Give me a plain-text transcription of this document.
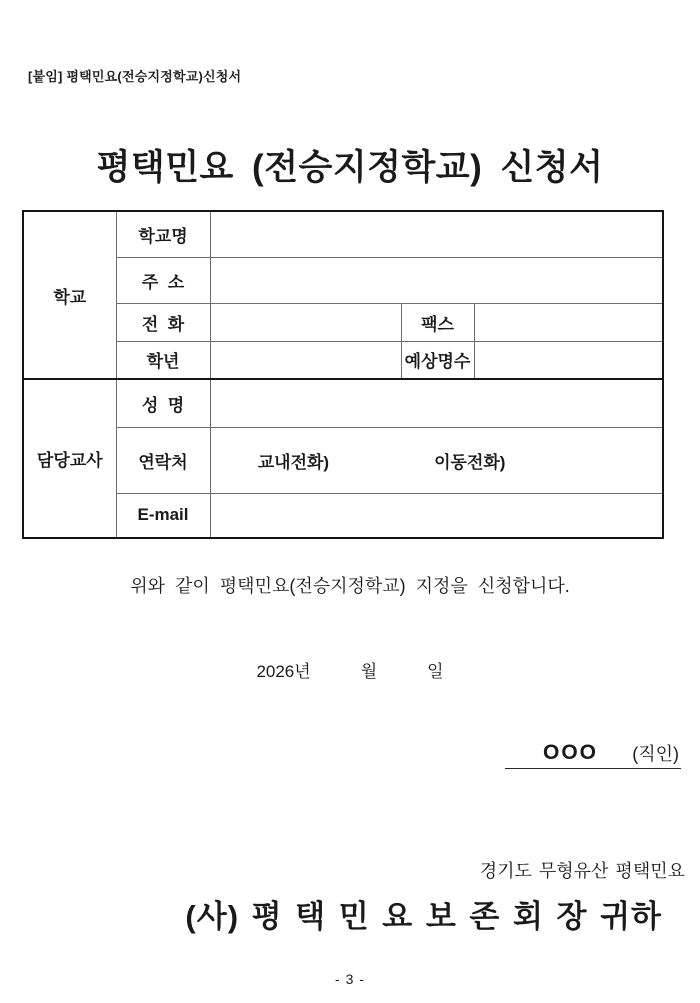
[붙임] 평택민요(전승지정학교)신청서
평택민요 (전승지정학교) 신청서
학교	학교명			
	주  소			
	전  화		팩스	
	학년		예상명수	
담당교사	성  명			
	연락처	교내전화) 이동전화)		

	E-mail			
위와 같이 평택민요(전승지정학교) 지정을 신청합니다.
2026년	월	일
OOO (직인)
경기도 무형유산 평택민요
(사) 평 택 민 요 보 존 회 장 귀하
- 3 -
